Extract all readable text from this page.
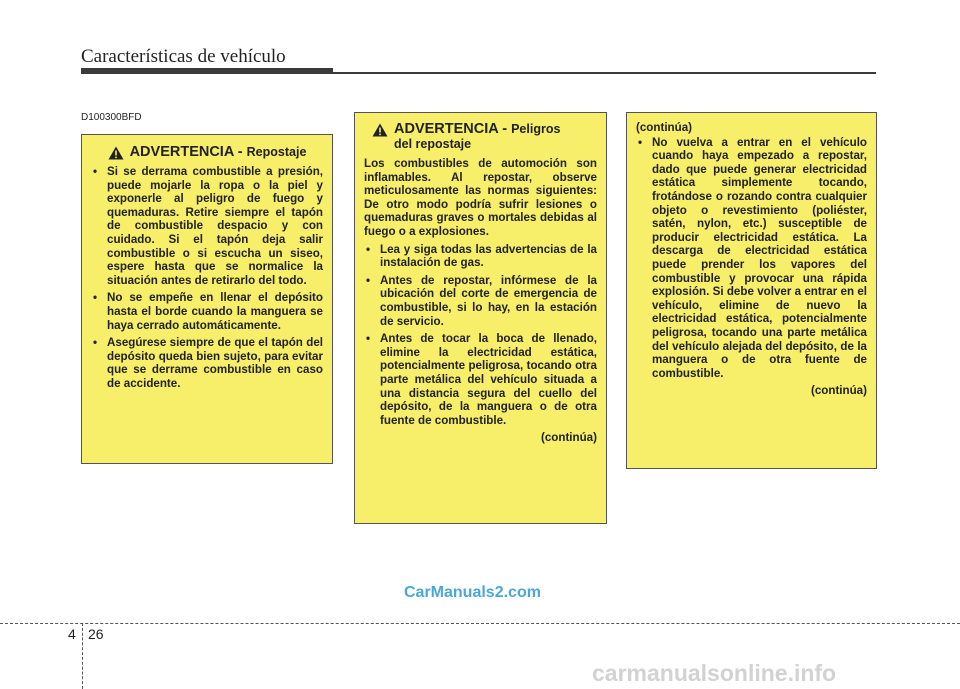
Características de vehículo
D100300BFD
ADVERTENCIA - Repostaje
• Si se derrama combustible a presión, puede mojarle la ropa o la piel y exponerle al peligro de fuego y quemaduras. Retire siempre el tapón de combustible despacio y con cuidado. Si el tapón deja salir combustible o si escucha un siseo, espere hasta que se normalice la situación antes de retirarlo del todo.
• No se empeñe en llenar el depósito hasta el borde cuando la manguera se haya cerrado automáticamente.
• Asegúrese siempre de que el tapón del depósito queda bien sujeto, para evitar que se derrame combustible en caso de accidente.
ADVERTENCIA - Peligros
del repostaje

Los combustibles de automoción son inflamables. Al repostar, observe meticulosamente las normas siguientes: De otro modo podría sufrir lesiones o quemaduras graves o mortales debidas al fuego o a explosiones.

• Lea y siga todas las advertencias de la instalación de gas.
• Antes de repostar, infórmese de la ubicación del corte de emergencia de combustible, si lo hay, en la estación de servicio.
• Antes de tocar la boca de llenado, elimine la electricidad estática, potencialmente peligrosa, tocando otra parte metálica del vehículo situada a una distancia segura del cuello del depósito, de la manguera o de otra fuente de combustible.
(continúa)
(continúa)
• No vuelva a entrar en el vehículo cuando haya empezado a repostar, dado que puede generar electricidad estática simplemente tocando, frotándose o rozando contra cualquier objeto o revestimiento (poliéster, satén, nylon, etc.) susceptible de producir electricidad estática. La descarga de electricidad estática puede prender los vapores del combustible y provocar una rápida explosión. Si debe volver a entrar en el vehículo, elimine de nuevo la electricidad estática, potencialmente peligrosa, tocando una parte metálica del vehículo alejada del depósito, de la manguera o de otra fuente de combustible.
(continúa)
CarManuals2.com
4 26
carmanualsonline.info
